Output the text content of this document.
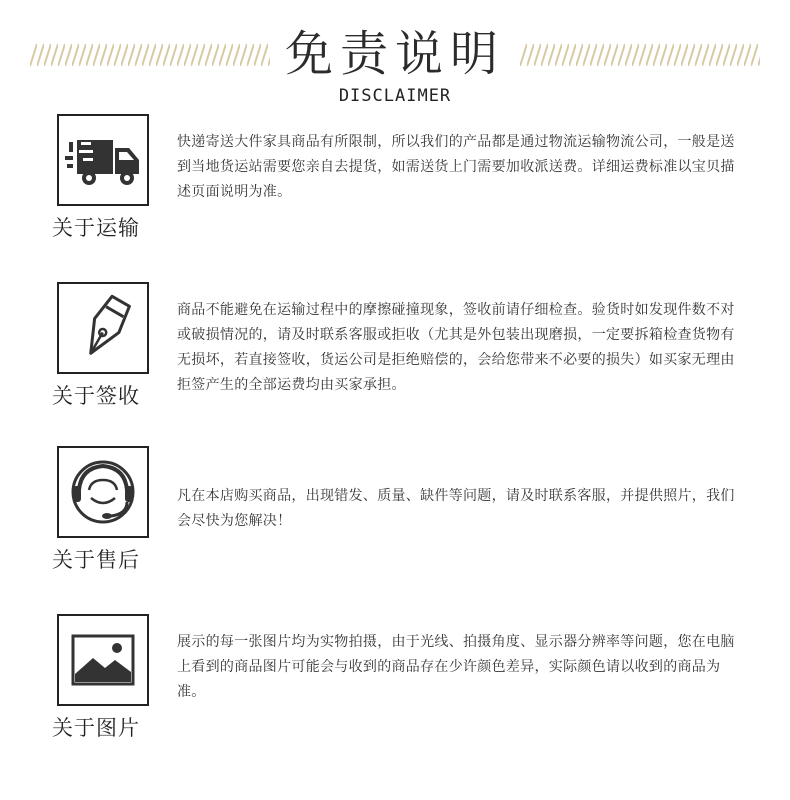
免责说明
DISCLAIMER
关于运输
快递寄送大件家具商品有所限制，所以我们的产品都是通过物流运输物流公司，一般是送到当地货运站需要您亲自去提货，如需送货上门需要加收派送费。详细运费标准以宝贝描述页面说明为准。
关于签收
商品不能避免在运输过程中的摩擦碰撞现象，签收前请仔细检查。验货时如发现件数不对或破损情况的，请及时联系客服或拒收（尤其是外包装出现磨损，一定要拆箱检查货物有无损坏，若直接签收，货运公司是拒绝赔偿的，会给您带来不必要的损失）如买家无理由拒签产生的全部运费均由买家承担。
关于售后
凡在本店购买商品，出现错发、质量、缺件等问题，请及时联系客服，并提供照片，我们会尽快为您解决！
关于图片
展示的每一张图片均为实物拍摄，由于光线、拍摄角度、显示器分辨率等问题，您在电脑上看到的商品图片可能会与收到的商品存在少许颜色差异，实际颜色请以收到的商品为准。
